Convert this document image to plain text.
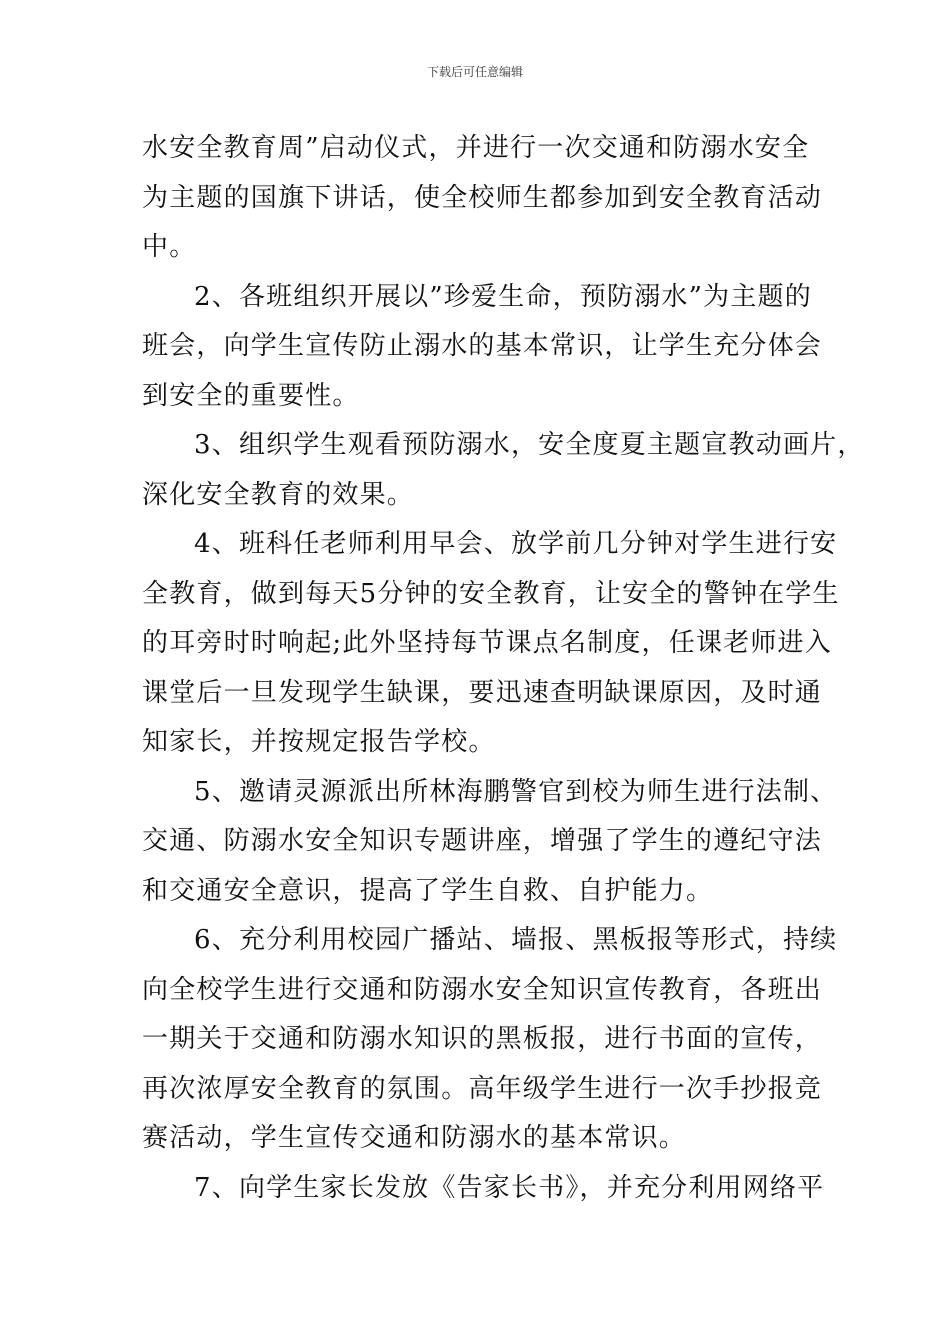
下载后可任意编辑

水安全教育周”启动仪式，并进行一次交通和防溺水安全
为主题的国旗下讲话，使全校师生都参加到安全教育活动
中。

2、各班组织开展以”珍爱生命，预防溺水”为主题的
班会，向学生宣传防止溺水的基本常识，让学生充分体会
到安全的重要性。

3、组织学生观看预防溺水，安全度夏主题宣教动画片，
深化安全教育的效果。

4、班科任老师利用早会、放学前几分钟对学生进行安
全教育，做到每天5分钟的安全教育，让安全的警钟在学生
的耳旁时时响起;此外坚持每节课点名制度，任课老师进入
课堂后一旦发现学生缺课，要迅速查明缺课原因，及时通
知家长，并按规定报告学校。

5、邀请灵源派出所林海鹏警官到校为师生进行法制、
交通、防溺水安全知识专题讲座，增强了学生的遵纪守法
和交通安全意识，提高了学生自救、自护能力。

6、充分利用校园广播站、墙报、黑板报等形式，持续
向全校学生进行交通和防溺水安全知识宣传教育，各班出
一期关于交通和防溺水知识的黑板报，进行书面的宣传，
再次浓厚安全教育的氛围。高年级学生进行一次手抄报竞
赛活动，学生宣传交通和防溺水的基本常识。

7、向学生家长发放《告家长书》，并充分利用网络平
